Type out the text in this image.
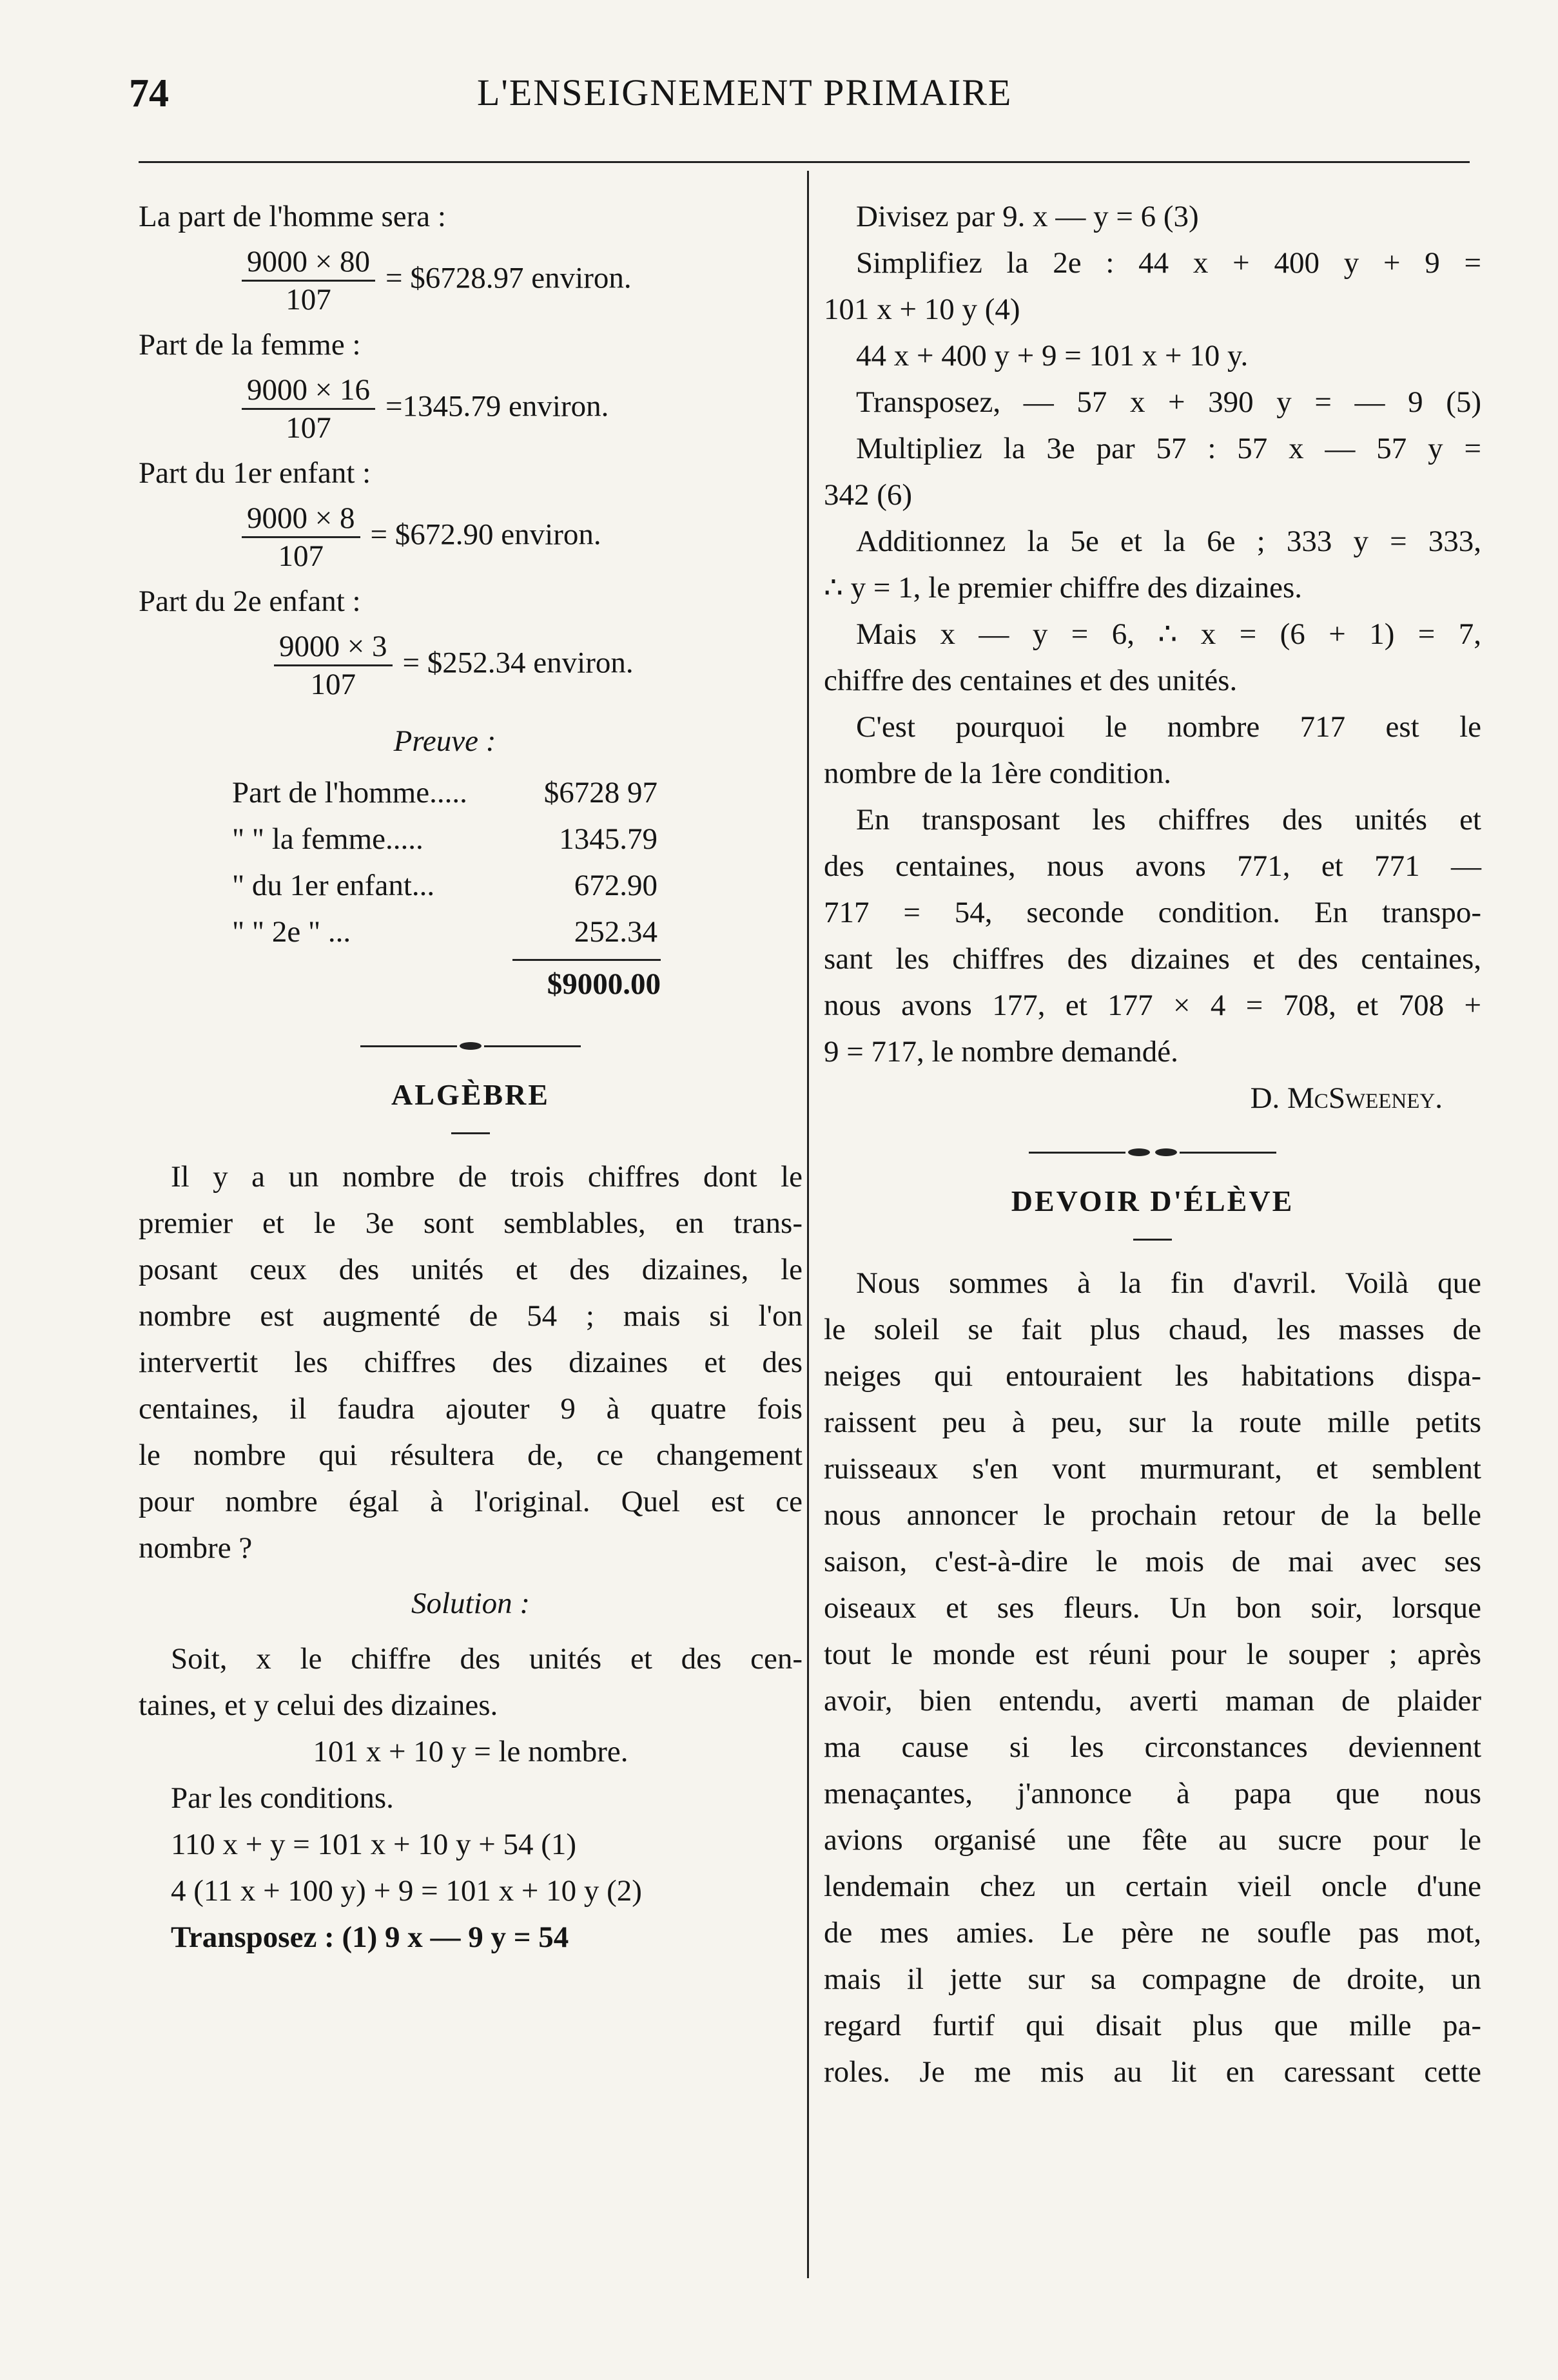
74	L'ENSEIGNEMENT PRIMAIRE
La part de l'homme sera :
$\frac{9000 \times 80}{107}$ = $6728.97 environ.
Part de la femme :
$\frac{9000 \times 16}{107} =1345.79$ environ.
Part du 1er enfant :
$\frac{9000 \times 8}{107}$ = $672.90 environ.
Part du 2e enfant :
$\frac{9000 \times 3}{107}$ = $252.34 environ.
Preuve :
Part de l'homme.....	$6728 97
" " la femme.....	1345.79
" du 1er enfant...	672.90
" " 2e " ...	252.34
$9000.00
ALGÈBRE
Il y a un nombre de trois chiffres dont le
premier et le 3e sont semblables, en trans-
posant ceux des unités et des dizaines, le
nombre est augmenté de 54 ; mais si l'on
intervertit les chiffres des dizaines et des
centaines, il faudra ajouter 9 à quatre fois
le nombre qui résultera de, ce changement
pour nombre égal à l'original. Quel est ce
nombre ?
Solution :
Soit, x le chiffre des unités et des cen-
taines, et y celui des dizaines.
101 x + 10 y = le nombre.
Par les conditions.
110 x + y = 101 x + 10 y + 54 (1)
4 (11 x + 100 y) + 9 = 101 x + 10 y (2)
Transposez : (1) 9 x — 9 y = 54
Divisez par 9. x — y = 6 (3)
Simplifiez la 2e : 44 x + 400 y + 9 =
101 x + 10 y (4)
44 x + 400 y + 9 = 101 x + 10 y.
Transposez, — 57 x + 390 y = — 9 (5)
Multipliez la 3e par 57 : 57 x — 57 y =
342 (6)
Additionnez la 5e et la 6e ; 333 y = 333,
∴ y = 1, le premier chiffre des dizaines.
Mais x — y = 6, ∴ x = (6 + 1) = 7,
chiffre des centaines et des unités.
C'est pourquoi le nombre 717 est le
nombre de la 1ère condition.
En transposant les chiffres des unités et
des centaines, nous avons 771, et 771 —
717 = 54, seconde condition. En transpo-
sant les chiffres des dizaines et des centaines,
nous avons 177, et 177 × 4 = 708, et 708 +
9 = 717, le nombre demandé.
D. McSweeney.
DEVOIR D'ÉLÈVE
Nous sommes à la fin d'avril. Voilà que
le soleil se fait plus chaud, les masses de
neiges qui entouraient les habitations dispa-
raissent peu à peu, sur la route mille petits
ruisseaux s'en vont murmurant, et semblent
nous annoncer le prochain retour de la belle
saison, c'est-à-dire le mois de mai avec ses
oiseaux et ses fleurs. Un bon soir, lorsque
tout le monde est réuni pour le souper ; après
avoir, bien entendu, averti maman de plaider
ma cause si les circonstances deviennent
menaçantes, j'annonce à papa que nous
avions organisé une fête au sucre pour le
lendemain chez un certain vieil oncle d'une
de mes amies. Le père ne soufle pas mot,
mais il jette sur sa compagne de droite, un
regard furtif qui disait plus que mille pa-
roles. Je me mis au lit en caressant cette
